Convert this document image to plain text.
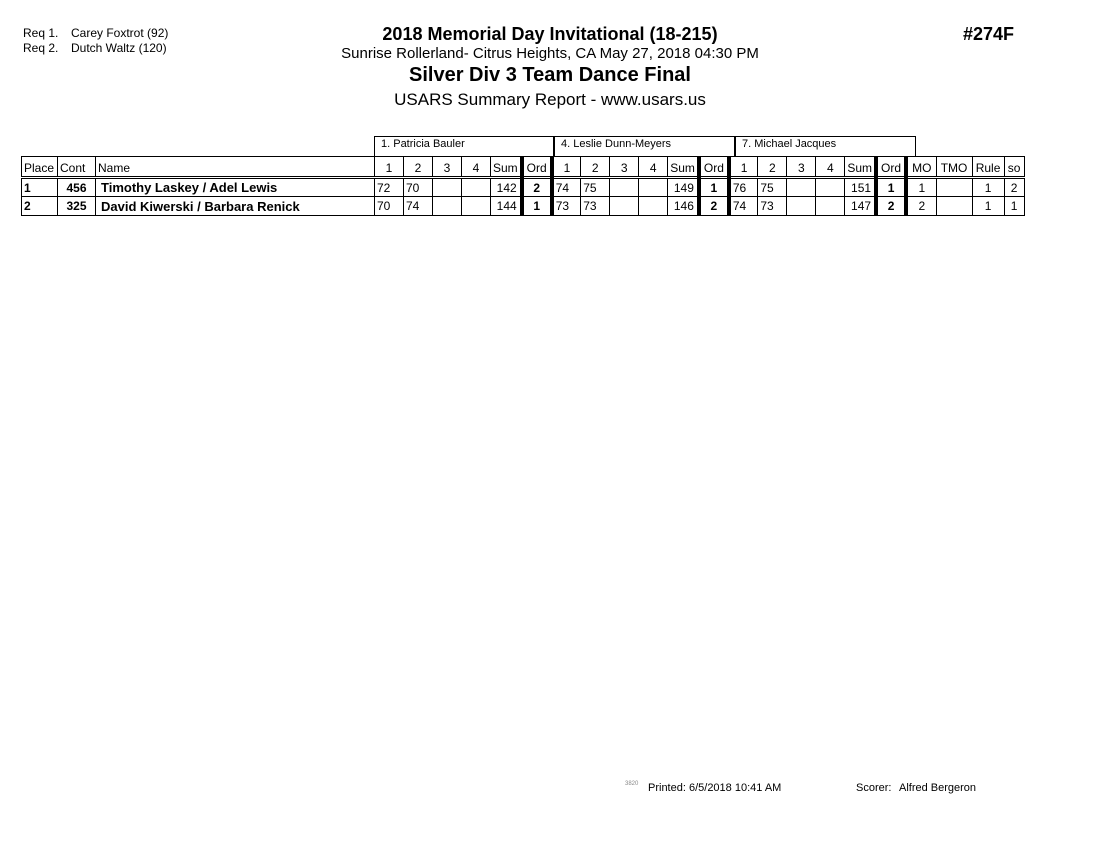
Req 1. Carey Foxtrot (92)
Req 2. Dutch Waltz (120)
2018 Memorial Day Invitational (18-215)
Sunrise Rollerland- Citrus Heights, CA May 27, 2018 04:30 PM
Silver Div 3 Team Dance Final
USARS Summary Report - www.usars.us
#274F
1. Patricia Bauler	4. Leslie Dunn-Meyers	7. Michael Jacques
Place	Cont	Name	1	2	3	4	Sum	Ord	1	2	3	4	Sum	Ord	1	2	3	4	Sum	Ord	MO	TMO	Rule	so
1	456	Timothy Laskey / Adel Lewis	72	70			142	2	74	75			149	1	76	75			151	1	1		1	2
2	325	David Kiwerski / Barbara Renick	70	74			144	1	73	73			146	2	74	73			147	2	2		1	1
3820 Printed: 6/5/2018 10:41 AM	Scorer: Alfred Bergeron
